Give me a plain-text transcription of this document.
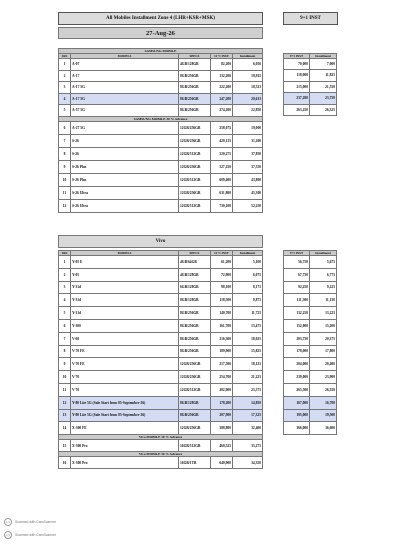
All Mobiles Installment Zone 4 (LHR+KSR+MSK)	9+1 INST
27-Aug-26
SAMSUNG MOBILE				
SRS	MODELS	SPECS	12+1 INST	Installment
1	A-07	4GB/128GB	82,200	6,056
2	A-17	8GB/256GB	132,200	10,925
3	A-17 5G	8GB/256GB	222,200	18,523
4	A-17 5G	8GB/256GB	247,200	20,633
5	A-57 5G	8GB/256GB	274,200	22,850
SAMSUNG MOBILE 30 % Advance				
6	A-27 5G	12GB/256GB	258,075	19,000
7	S-26	12GB/256GB	420,125	31,200
8	S-26	12GB/512GB	520,275	37,850
9	S-26 Plus	12GB/256GB	527,250	37,550
10	S-26 Plus	12GB/512GB	609,400	43,800
11	S-26 Ultra	12GB/256GB	631,800	45,300
12	S-26 Ultra	12GB/512GB	730,100	52,250

9+1 INST	Installment
70,000	7,000
118,000	11,825
213,000	21,550
237,200	23,750
263,250	26,325
Vivo
SRS	MODELS	SPECS	12+1 INST	Installment
1	Y-05 E	4GB/64GB	61,200	5,100
2	Y-05	4GB/128GB	72,900	6,075
3	Y-31d	6GB/128GB	98,100	8,175
4	Y-31d	8GB/128GB	118,500	9,875
5	Y-31d	8GB/256GB	140,700	11,725
6	Y-300	8GB/256GB	161,700	13,475
7	V-60	8GB/256GB	216,300	18,025
8	V-70 FE	8GB/256GB	189,900	15,825
9	V-70 FE	12GB/256GB	217,500	18,125
10	V-70	12GB/256GB	254,700	21,225
11	V-70	12GB/512GB	282,900	23,575
12	Y-80 Lite 5G (Sale Start from 05-September-26)	8GB/128GB	178,200	14,850
13	Y-80 Lite 5G (Sale Start from 05-September-26)	8GB/256GB	207,900	17,325
14	X-300 FE	12GB/256GB	388,800	32,400
Vivo MOBILE 30 % Advance				
15	X-300 Pro	16GB/512GB	460,525	33,275
Vivo MOBILE 30 % Advance				
16	X-300 Pro	16GB/1TB	640,900	34,350
9+1 INST	Installment
56,750	5,675
67,750	6,775
92,250	9,225
111,500	11,150
132,250	13,225
152,000	15,200
203,750	20,375
178,000	17,800
204,000	20,400
239,000	23,900
265,500	26,550
167,000	16,700
195,000	19,500
366,000	36,600
CS	Scanned with CamScanner
CS	Scanned with CamScanner
